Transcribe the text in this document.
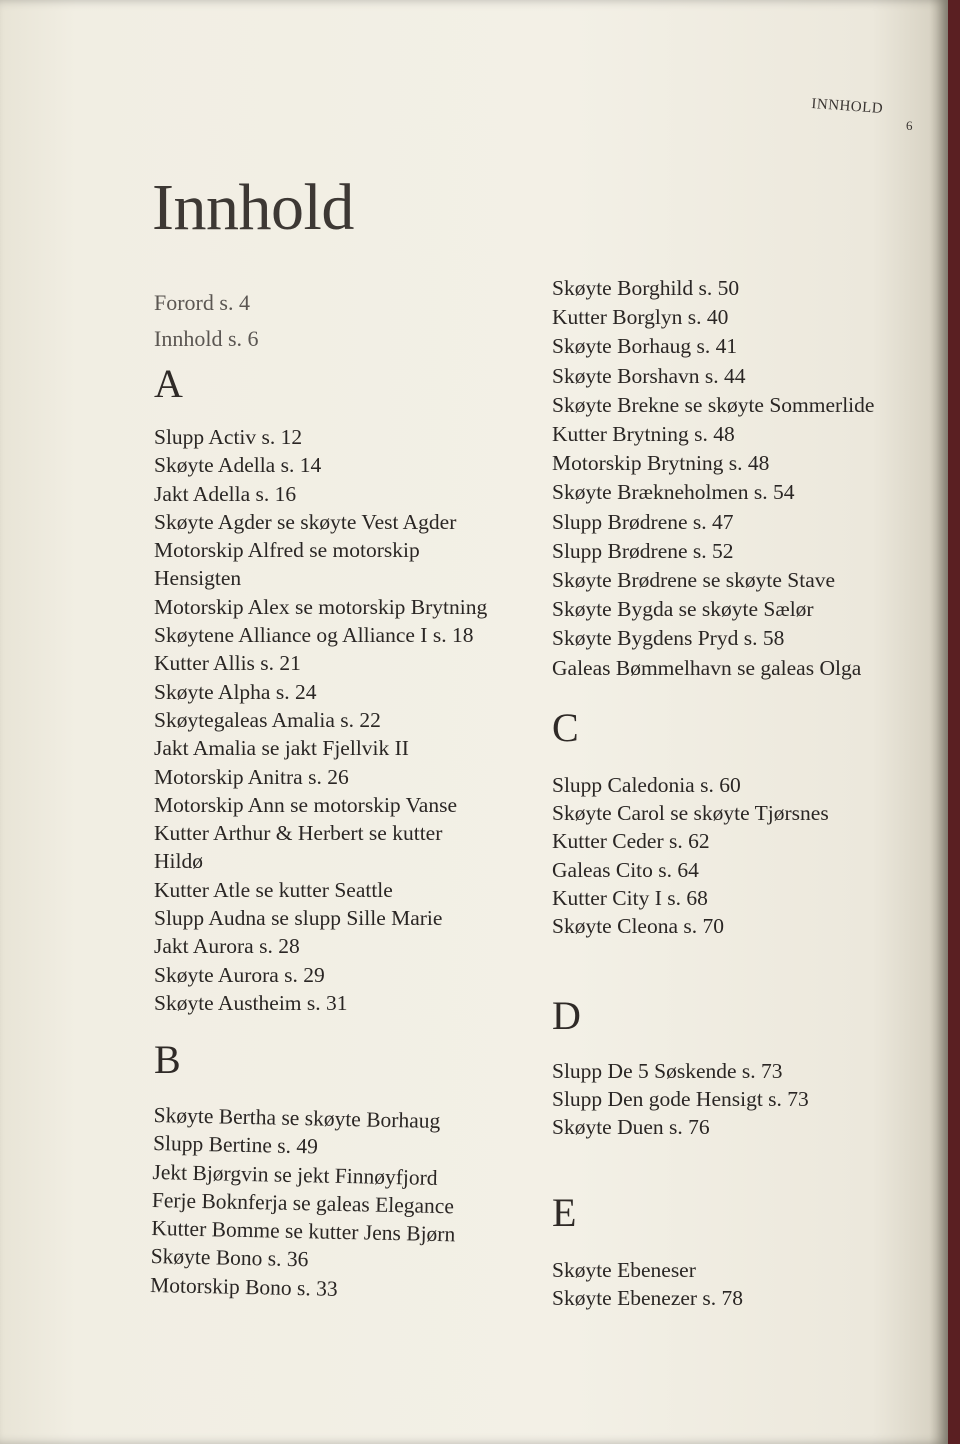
INNHOLD
6
Innhold
Forord s. 4
Innhold s. 6
A
Slupp Activ s. 12
Skøyte Adella s. 14
Jakt Adella s. 16
Skøyte Agder se skøyte Vest Agder
Motorskip Alfred se motorskip
Hensigten
Motorskip Alex se motorskip Brytning
Skøytene Alliance og Alliance I s. 18
Kutter Allis s. 21
Skøyte Alpha s. 24
Skøytegaleas Amalia s. 22
Jakt Amalia se jakt Fjellvik II
Motorskip Anitra s. 26
Motorskip Ann se motorskip Vanse
Kutter Arthur & Herbert se kutter
Hildø
Kutter Atle se kutter Seattle
Slupp Audna se slupp Sille Marie
Jakt Aurora s. 28
Skøyte Aurora s. 29
Skøyte Austheim s. 31
B
Skøyte Bertha se skøyte Borhaug
Slupp Bertine s. 49
Jekt Bjørgvin se jekt Finnøyfjord
Ferje Boknferja se galeas Elegance
Kutter Bomme se kutter Jens Bjørn
Skøyte Bono s. 36
Motorskip Bono s. 33
Skøyte Borghild s. 50
Kutter Borglyn s. 40
Skøyte Borhaug s. 41
Skøyte Borshavn s. 44
Skøyte Brekne se skøyte Sommerlide
Kutter Brytning s. 48
Motorskip Brytning s. 48
Skøyte Brækneholmen s. 54
Slupp Brødrene s. 47
Slupp Brødrene s. 52
Skøyte Brødrene se skøyte Stave
Skøyte Bygda se skøyte Sælør
Skøyte Bygdens Pryd s. 58
Galeas Bømmelhavn se galeas Olga
C
Slupp Caledonia s. 60
Skøyte Carol se skøyte Tjørsnes
Kutter Ceder s. 62
Galeas Cito s. 64
Kutter City I s. 68
Skøyte Cleona s. 70
D
Slupp De 5 Søskende s. 73
Slupp Den gode Hensigt s. 73
Skøyte Duen s. 76
E
Skøyte Ebeneser
Skøyte Ebenezer s. 78
